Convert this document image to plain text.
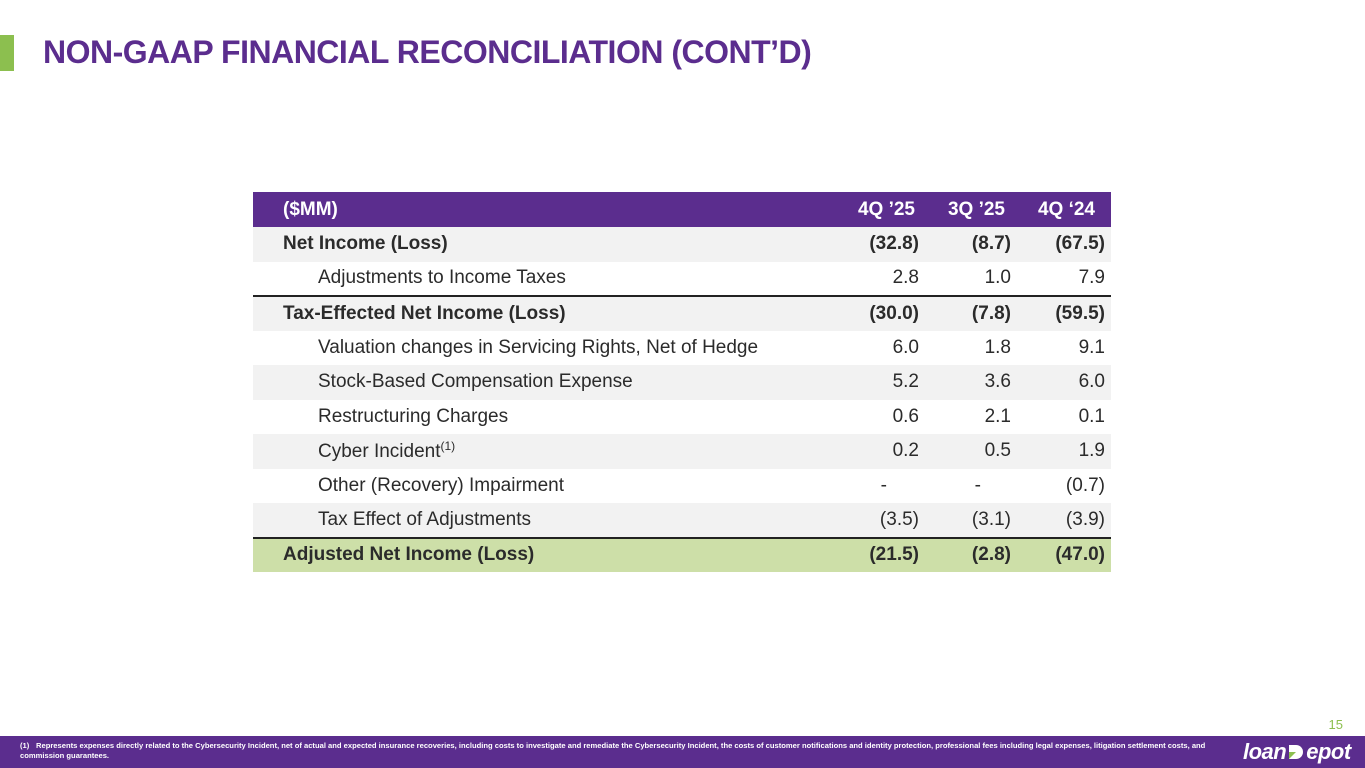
NON-GAAP FINANCIAL RECONCILIATION (CONT’D)
($MM)	4Q ’25	3Q ’25	4Q ‘24
Net Income (Loss)	(32.8)	(8.7)	(67.5)
Adjustments to Income Taxes	2.8	1.0	7.9
Tax-Effected Net Income (Loss)	(30.0)	(7.8)	(59.5)
Valuation changes in Servicing Rights, Net of Hedge	6.0	1.8	9.1
Stock-Based Compensation Expense	5.2	3.6	6.0
Restructuring Charges	0.6	2.1	0.1
Cyber Incident$^{(1)}$	0.2	0.5	1.9
Other (Recovery) Impairment	-	-	(0.7)
Tax Effect of Adjustments	(3.5)	(3.1)	(3.9)
Adjusted Net Income (Loss)	(21.5)	(2.8)	(47.0)
15
(1) Represents expenses directly related to the Cybersecurity Incident, net of actual and expected insurance recoveries, including costs to investigate and remediate the Cybersecurity Incident, the costs of customer notifications and identity protection, professional fees including legal expenses, litigation settlement costs, and commission guarantees.	loan epot
